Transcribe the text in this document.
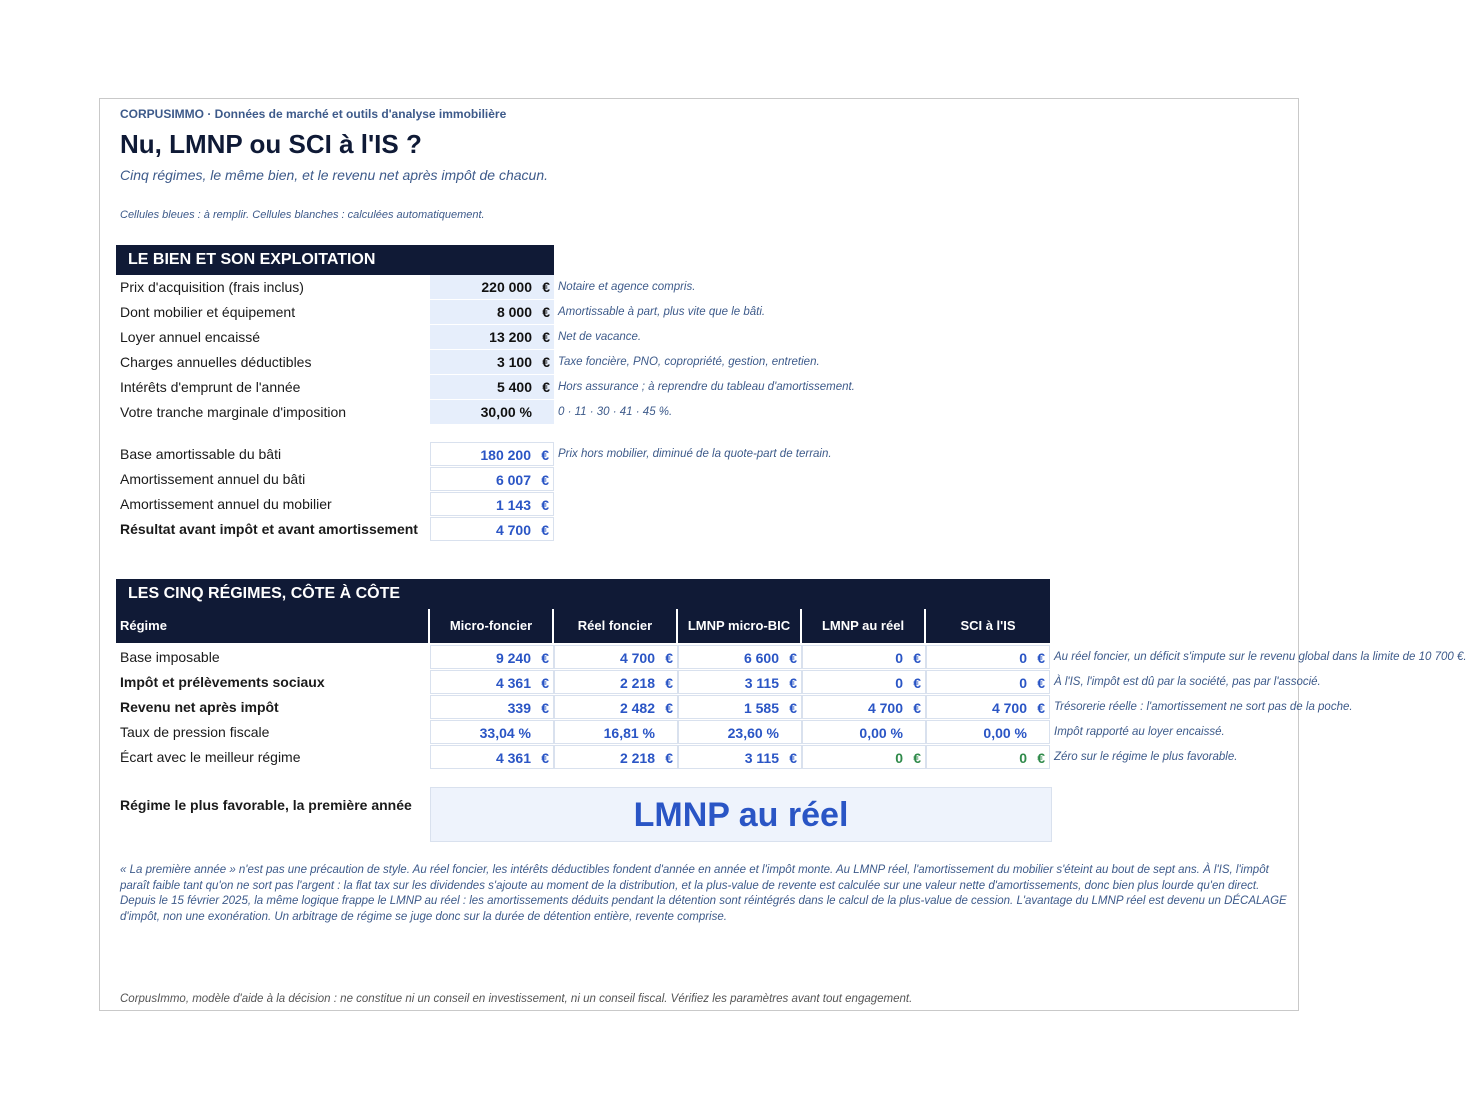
CORPUSIMMO · Données de marché et outils d'analyse immobilière
Nu, LMNP ou SCI à l'IS ?
Cinq régimes, le même bien, et le revenu net après impôt de chacun.
Cellules bleues : à remplir. Cellules blanches : calculées automatiquement.
LE BIEN ET SON EXPLOITATION
Prix d'acquisition (frais inclus)	220 000 € Notaire et agence compris.
Dont mobilier et équipement	8 000 € Amortissable à part, plus vite que le bâti.
Loyer annuel encaissé	13 200 € Net de vacance.
Charges annuelles déductibles	3 100 € Taxe foncière, PNO, copropriété, gestion, entretien.
Intérêts d'emprunt de l'année	5 400 € Hors assurance ; à reprendre du tableau d'amortissement.
Votre tranche marginale d'imposition	30,00 %	0 · 11 · 30 · 41 · 45 %.
Base amortissable du bâti	180 200 € Prix hors mobilier, diminué de la quote-part de terrain.
Amortissement annuel du bâti	6 007 €
Amortissement annuel du mobilier	1 143 €
Résultat avant impôt et avant amortissement	4 700 €
LES CINQ RÉGIMES, CÔTE À CÔTE
Régime	Micro-foncier	Réel foncier	LMNP micro-BIC	LMNP au réel	SCI à l'IS
Base imposable	9 240 €	4 700 €	6 600 €	0 €	0 € Au réel foncier, un déficit s'impute sur le revenu global dans la limite de 10 700 €.
Impôt et prélèvements sociaux	4 361 €	2 218 €	3 115 €	0 €	0 € À l'IS, l'impôt est dû par la société, pas par l'associé.
Revenu net après impôt	339 €	2 482 €	1 585 €	4 700 €	4 700 € Trésorerie réelle : l'amortissement ne sort pas de la poche.
Taux de pression fiscale	33,04 %	16,81 %	23,60 %	0,00 %	0,00 %	Impôt rapporté au loyer encaissé.
Écart avec le meilleur régime	4 361 €	2 218 €	3 115 €	0 €	0 € Zéro sur le régime le plus favorable.
Régime le plus favorable, la première année	LMNP au réel
« La première année » n'est pas une précaution de style. Au réel foncier, les intérêts déductibles fondent d'année en année et l'impôt monte. Au LMNP réel, l'amortissement du mobilier s'éteint au bout de sept ans. À l'IS, l'impôt paraît faible tant qu'on ne sort pas l'argent : la flat tax sur les dividendes s'ajoute au moment de la distribution, et la plus-value de revente est calculée sur une valeur nette d'amortissements, donc bien plus lourde qu'en direct. Depuis le 15 février 2025, la même logique frappe le LMNP au réel : les amortissements déduits pendant la détention sont réintégrés dans le calcul de la plus-value de cession. L'avantage du LMNP réel est devenu un DÉCALAGE d'impôt, non une exonération. Un arbitrage de régime se juge donc sur la durée de détention entière, revente comprise.
CorpusImmo, modèle d'aide à la décision : ne constitue ni un conseil en investissement, ni un conseil fiscal. Vérifiez les paramètres avant tout engagement.
